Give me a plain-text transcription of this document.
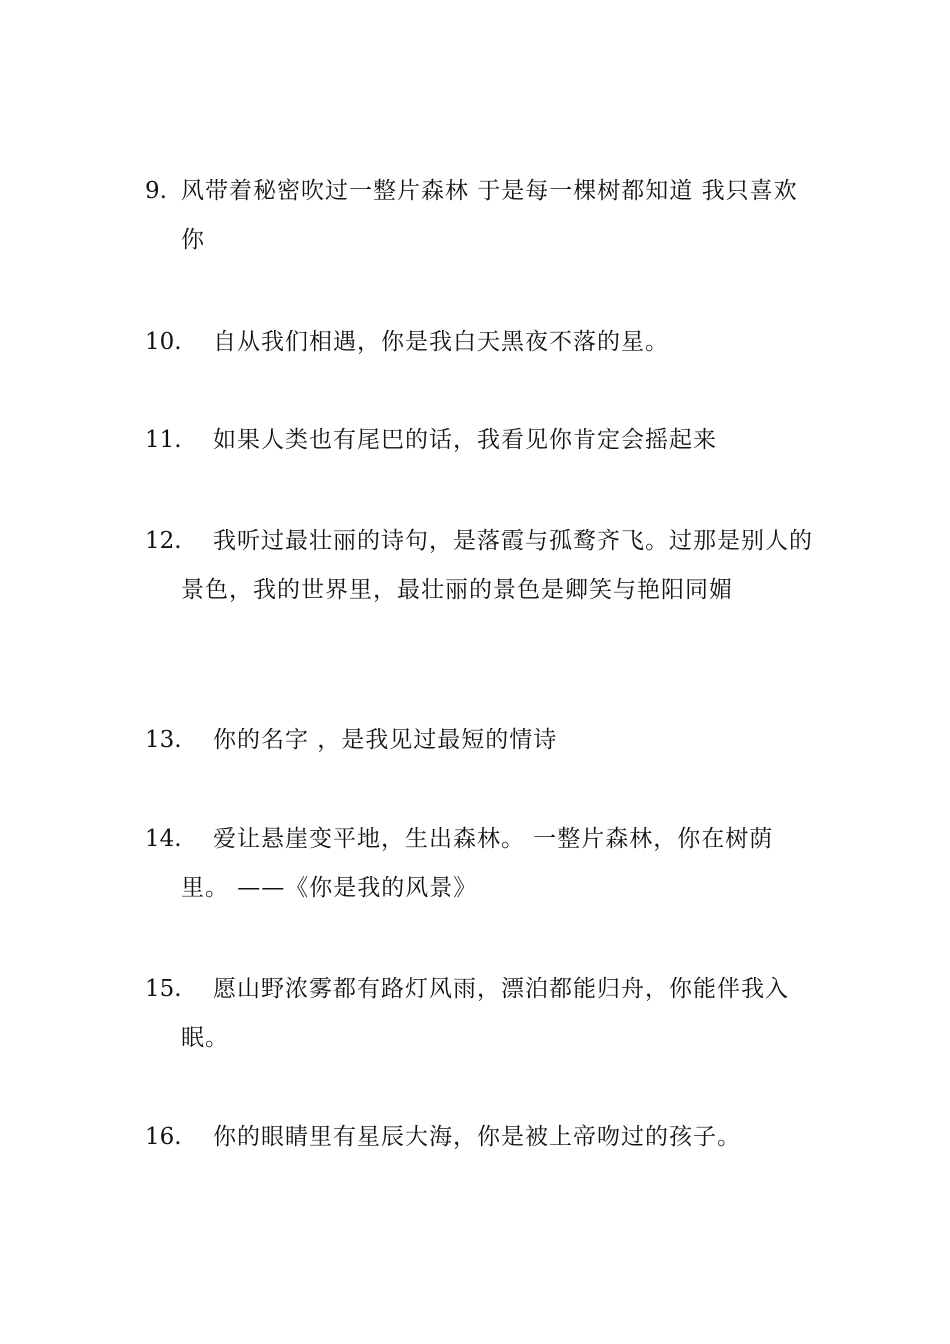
9. 风带着秘密吹过一整片森林 于是每一棵树都知道 我只喜欢你
10.	自从我们相遇，你是我白天黑夜不落的星。
11.	如果人类也有尾巴的话，我看见你肯定会摇起来
12.	我听过最壮丽的诗句，是落霞与孤鹜齐飞。过那是别人的景色，我的世界里，最壮丽的景色是卿笑与艳阳同媚
13.	你的名字 ，是我见过最短的情诗
14.	爱让悬崖变平地，生出森林。 一整片森林，你在树荫里。 ——《你是我的风景》
15.	愿山野浓雾都有路灯风雨，漂泊都能归舟，你能伴我入眠。
16.	你的眼睛里有星辰大海，你是被上帝吻过的孩子。
